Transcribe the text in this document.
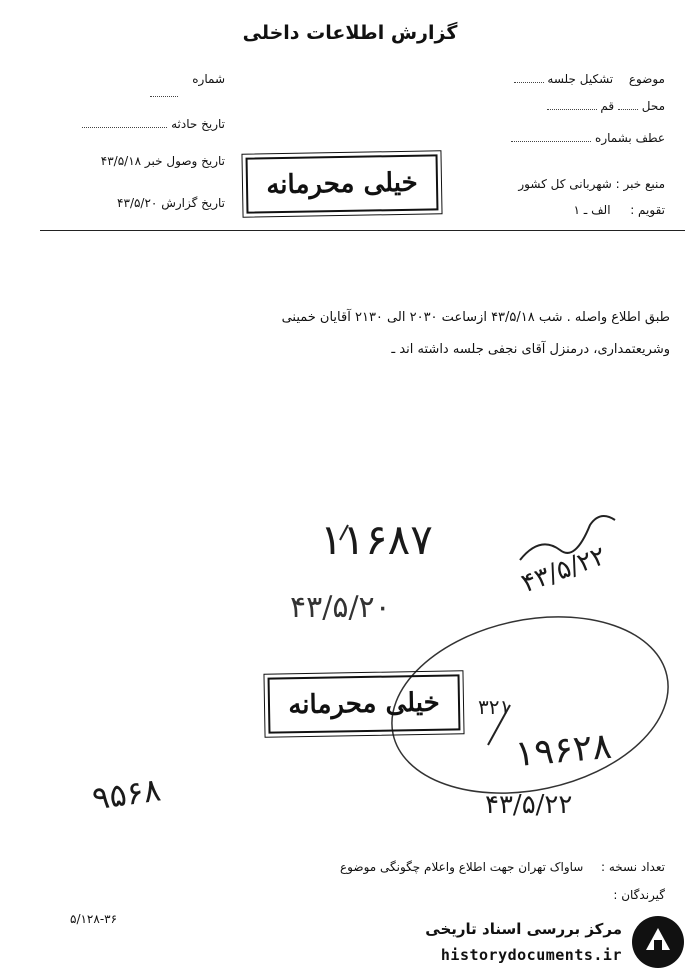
گزارش اطلاعات داخلی
موضوع  تشکیل جلسه
محل  قم
عطف بشماره
منبع خبر : شهربانی کل کشور
تقویم :  الف ـ ۱
شماره
تاریخ حادثه
تاریخ وصول خبر ۴۳/۵/۱۸
تاریخ گزارش ۴۳/۵/۲۰
خیلی محرمانه
طبق اطلاع واصله . شب ۴۳/۵/۱۸ ازساعت ۲۰۳۰ الی ۲۱۳۰ آقایان خمینی
وشریعتمداری، درمنزل آقای نجفی جلسه داشته اند ـ
۱۱۶۸۷
۴۳/۵/۲۲
۴۳/۵/۲۰
خیلی محرمانه	۳۲۱
۱۹۶۲۸
۴۳/۵/۲۲
۹۵۶۸
تعداد نسخه :  ساواک تهران جهت اطلاع واعلام چگونگی موضوع
گیرندگان :
۵/۱۲۸-۳۶
مرکز بررسی اسناد تاریخی
historydocuments.ir
